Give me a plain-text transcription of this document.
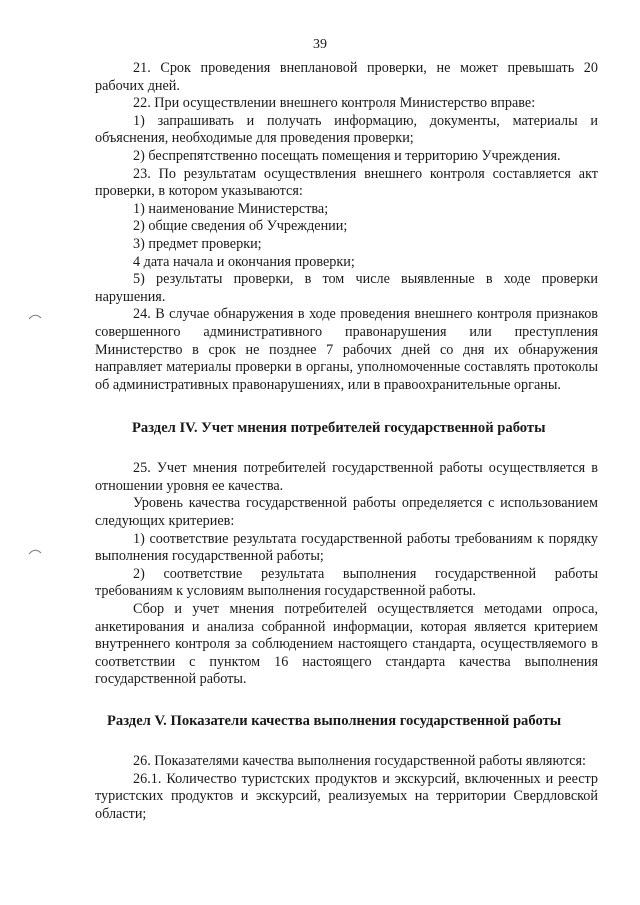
39

21. Срок проведения внеплановой проверки, не может превышать 20 рабочих дней.

22. При осуществлении внешнего контроля Министерство вправе:

1) запрашивать и получать информацию, документы, материалы и объяснения, необходимые для проведения проверки;

2) беспрепятственно посещать помещения и территорию Учреждения.

23. По результатам осуществления внешнего контроля составляется акт проверки, в котором указываются:

1) наименование Министерства;

2) общие сведения об Учреждении;

3) предмет проверки;

4 дата начала и окончания проверки;

5) результаты проверки, в том числе выявленные в ходе проверки нарушения.

24. В случае обнаружения в ходе проведения внешнего контроля признаков совершенного административного правонарушения или преступления Министерство в срок не позднее 7 рабочих дней со дня их обнаружения направляет материалы проверки в органы, уполномоченные составлять протоколы об административных правонарушениях, или в правоохранительные органы.

Раздел IV. Учет мнения потребителей государственной работы

25. Учет мнения потребителей государственной работы осуществляется в отношении уровня ее качества.

Уровень качества государственной работы определяется с использованием следующих критериев:

1) соответствие результата государственной работы требованиям к порядку выполнения государственной работы;

2) соответствие результата выполнения государственной работы требованиям к условиям выполнения государственной работы.

Сбор и учет мнения потребителей осуществляется методами опроса, анкетирования и анализа собранной информации, которая является критерием внутреннего контроля за соблюдением настоящего стандарта, осуществляемого в соответствии с пунктом 16 настоящего стандарта качества выполнения государственной работы.

Раздел V. Показатели качества выполнения государственной работы

26. Показателями качества выполнения государственной работы являются:

26.1. Количество туристских продуктов и экскурсий, включенных и реестр туристских продуктов и экскурсий, реализуемых на территории Свердловской области;
